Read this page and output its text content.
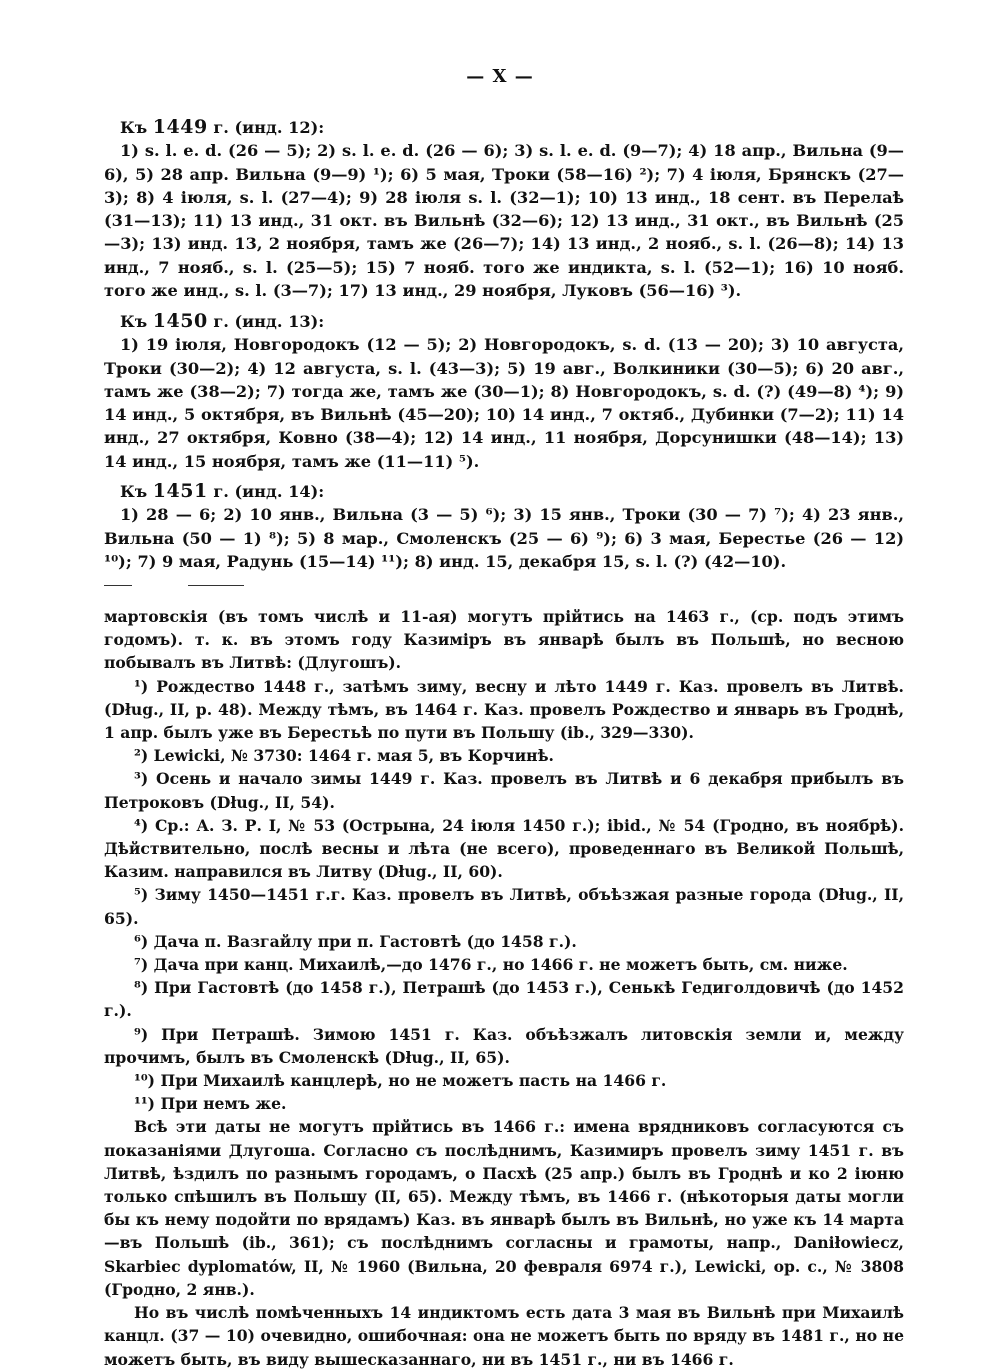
— X —

Къ 1449 г. (инд. 12):

1) s. l. e. d. (26 — 5); 2) s. l. e. d. (26 — 6); 3) s. l. e. d. (9—7); 4) 18 апр., Вильна (9—6), 5) 28 апр. Вильна (9—9) ¹); 6) 5 мая, Троки (58—16) ²); 7) 4 іюля, Брянскъ (27—3); 8) 4 іюля, s. l. (27—4); 9) 28 іюля s. l. (32—1); 10) 13 инд., 18 сент. въ Перелаѣ (31—13); 11) 13 инд., 31 окт. въ Вильнѣ (32—6); 12) 13 инд., 31 окт., въ Вильнѣ (25—3); 13) инд. 13, 2 ноября, тамъ же (26—7); 14) 13 инд., 2 нояб., s. l. (26—8); 14) 13 инд., 7 нояб., s. l. (25—5); 15) 7 нояб. того же индикта, s. l. (52—1); 16) 10 нояб. того же инд., s. l. (3—7); 17) 13 инд., 29 ноября, Луковъ (56—16) ³).

Къ 1450 г. (инд. 13):

1) 19 іюля, Новгородокъ (12 — 5); 2) Новгородокъ, s. d. (13 — 20); 3) 10 августа, Троки (30—2); 4) 12 августа, s. l. (43—3); 5) 19 авг., Волкиники (30—5); 6) 20 авг., тамъ же (38—2); 7) тогда же, тамъ же (30—1); 8) Новгородокъ, s. d. (?) (49—8) ⁴); 9) 14 инд., 5 октября, въ Вильнѣ (45—20); 10) 14 инд., 7 октяб., Дубинки (7—2); 11) 14 инд., 27 октября, Ковно (38—4); 12) 14 инд., 11 ноября, Дорсунишки (48—14); 13) 14 инд., 15 ноября, тамъ же (11—11) ⁵).

Къ 1451 г. (инд. 14):

1) 28 — 6; 2) 10 янв., Вильна (3 — 5) ⁶); 3) 15 янв., Троки (30 — 7) ⁷); 4) 23 янв., Вильна (50 — 1) ⁸); 5) 8 мар., Смоленскъ (25 — 6) ⁹); 6) 3 мая, Берестье (26 — 12) ¹⁰); 7) 9 мая, Радунь (15—14) ¹¹); 8) инд. 15, декабря 15, s. l. (?) (42—10).

мартовскія (въ томъ числѣ и 11-ая) могутъ прійтись на 1463 г., (ср. подъ этимъ годомъ). т. к. въ этомъ году Казиміръ въ январѣ былъ въ Польшѣ, но весною побывалъ въ Литвѣ: (Длугошъ).

¹) Рождество 1448 г., затѣмъ зиму, весну и лѣто 1449 г. Каз. провелъ въ Литвѣ. (Dług., II, p. 48). Между тѣмъ, въ 1464 г. Каз. провелъ Рождество и январь въ Гроднѣ, 1 апр. былъ уже въ Берестьѣ по пути въ Польшу (ib., 329—330).

²) Lewicki, № 3730: 1464 г. мая 5, въ Корчинѣ.

³) Осень и начало зимы 1449 г. Каз. провелъ въ Литвѣ и 6 декабря прибылъ въ Петроковъ (Dług., II, 54).

⁴) Ср.: А. З. Р. I, № 53 (Острына, 24 іюля 1450 г.); ibid., № 54 (Гродно, въ ноябрѣ). Дѣйствительно, послѣ весны и лѣта (не всего), проведеннаго въ Великой Польшѣ, Казим. направился въ Литву (Dług., II, 60).

⁵) Зиму 1450—1451 г.г. Каз. провелъ въ Литвѣ, объѣзжая разные города (Dług., II, 65).

⁶) Дача п. Вазгайлу при п. Гастовтѣ (до 1458 г.).

⁷) Дача при канц. Михаилѣ,—до 1476 г., но 1466 г. не можетъ быть, см. ниже.

⁸) При Гастовтѣ (до 1458 г.), Петрашѣ (до 1453 г.), Сенькѣ Гедиголдовичѣ (до 1452 г.).

⁹) При Петрашѣ. Зимою 1451 г. Каз. объѣзжалъ литовскія земли и, между прочимъ, былъ въ Смоленскѣ (Dług., II, 65).

¹⁰) При Михаилѣ канцлерѣ, но не можетъ пасть на 1466 г.

¹¹) При немъ же.

Всѣ эти даты не могутъ прійтись въ 1466 г.: имена врядниковъ согласуются съ показаніями Длугоша. Согласно съ послѣднимъ, Казимиръ провелъ зиму 1451 г. въ Литвѣ, ѣздилъ по разнымъ городамъ, о Пасхѣ (25 апр.) былъ въ Гроднѣ и ко 2 іюню только спѣшилъ въ Польшу (II, 65). Между тѣмъ, въ 1466 г. (нѣкоторыя даты могли бы къ нему подойти по врядамъ) Каз. въ январѣ былъ въ Вильнѣ, но уже къ 14 марта—въ Польшѣ (ib., 361); съ послѣднимъ согласны и грамоты, напр., Daniłowiecz, Skarbiec dyplomatów, II, № 1960 (Вильна, 20 февраля 6974 г.), Lewicki, op. c., № 3808 (Гродно, 2 янв.).

Но въ числѣ помѣченныхъ 14 индиктомъ есть дата 3 мая въ Вильнѣ при Михаилѣ канцл. (37 — 10) очевидно, ошибочная: она не можетъ быть по вряду въ 1481 г., но не можетъ быть, въ виду вышесказаннаго, ни въ 1451 г., ни въ 1466 г.
